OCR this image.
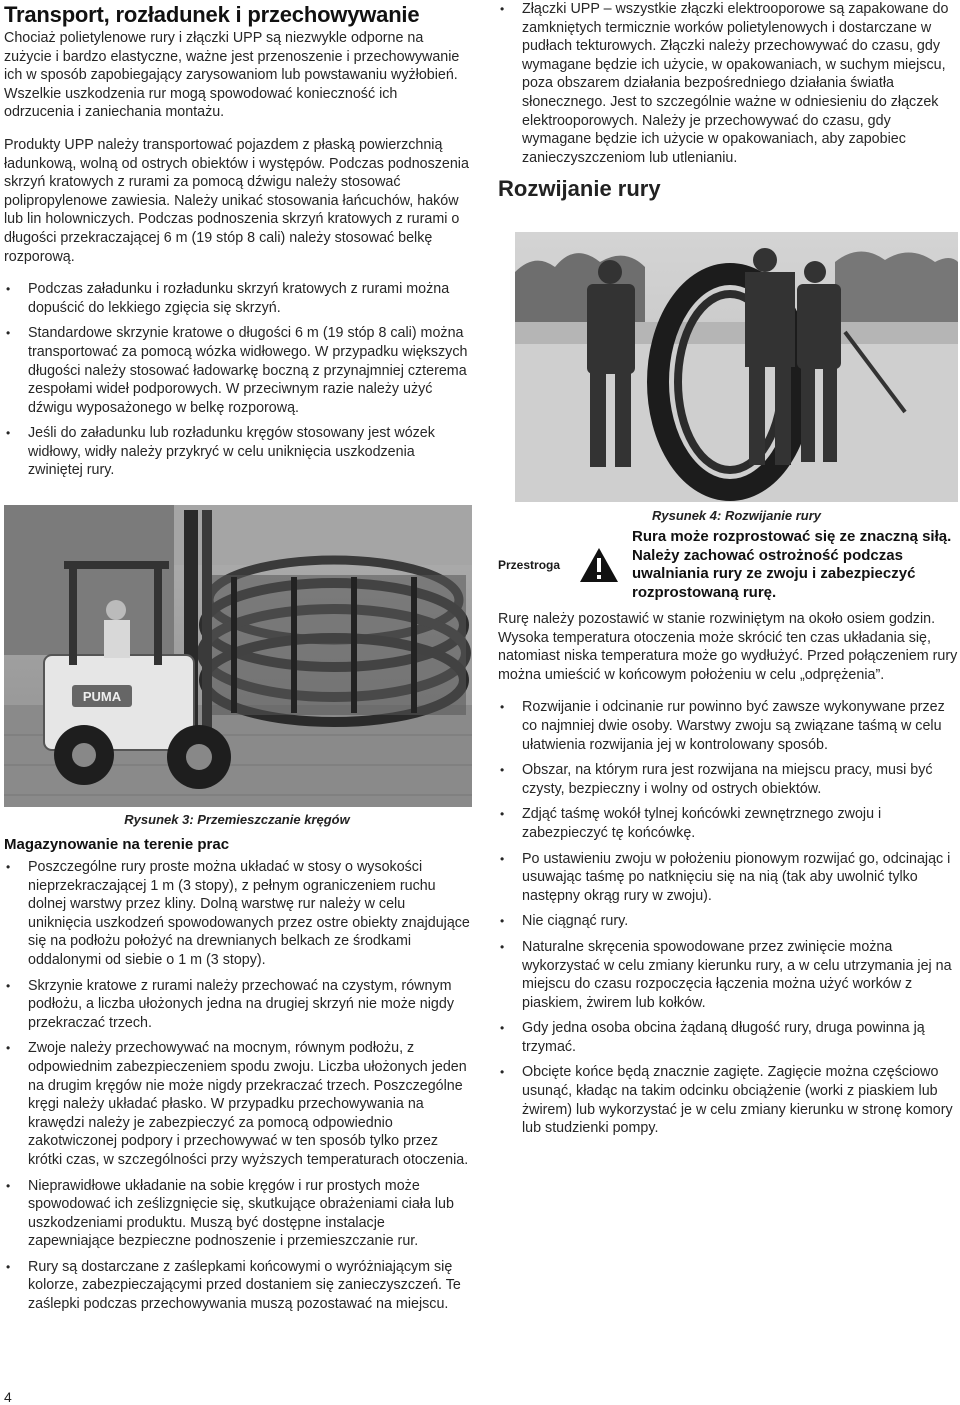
Transport, rozładunek i przechowywanie

Chociaż polietylenowe rury i złączki UPP są niezwykle odporne na zużycie i bardzo elastyczne, ważne jest przenoszenie i przechowywanie ich w sposób zapobiegający zarysowaniom lub powstawaniu wyżłobień. Wszelkie uszkodzenia rur mogą spowodować konieczność ich odrzucenia i zaniechania montażu.

Produkty UPP należy transportować pojazdem z płaską powierzchnią ładunkową, wolną od ostrych obiektów i występów. Podczas podnoszenia skrzyń kratowych z rurami za pomocą dźwigu należy stosować polipropylenowe zawiesia. Należy unikać stosowania łańcuchów, haków lub lin holowniczych. Podczas podnoszenia skrzyń kratowych z rurami o długości przekraczającej 6 m (19 stóp 8 cali) należy stosować belkę rozporową.

• Podczas załadunku i rozładunku skrzyń kratowych z rurami można dopuścić do lekkiego zgięcia się skrzyń.
• Standardowe skrzynie kratowe o długości 6 m (19 stóp 8 cali) można transportować za pomocą wózka widłowego. W przypadku większych długości należy stosować ładowarkę boczną z przynajmniej czterema zespołami wideł podporowych. W przeciwnym razie należy użyć dźwigu wyposażonego w belkę rozporową.
• Jeśli do załadunku lub rozładunku kręgów stosowany jest wózek widłowy, widły należy przykryć w celu uniknięcia uszkodzenia zwiniętej rury.
PUMA
Rysunek 3: Przemieszczanie kręgów
Magazynowanie na terenie prac
• Poszczególne rury proste można układać w stosy o wysokości nieprzekraczającej 1 m (3 stopy), z pełnym ograniczeniem ruchu dolnej warstwy przez kliny. Dolną warstwę rur należy w celu uniknięcia uszkodzeń spowodowanych przez ostre obiekty znajdujące się na podłożu położyć na drewnianych belkach ze środkami oddalonymi od siebie o 1 m (3 stopy).
• Skrzynie kratowe z rurami należy przechować na czystym, równym podłożu, a liczba ułożonych jedna na drugiej skrzyń nie może nigdy przekraczać trzech.
• Zwoje należy przechowywać na mocnym, równym podłożu, z odpowiednim zabezpieczeniem spodu zwoju. Liczba ułożonych jeden na drugim kręgów nie może nigdy przekraczać trzech. Poszczególne kręgi należy układać płasko. W przypadku przechowywania na krawędzi należy je zabezpieczyć za pomocą odpowiednio zakotwiczonej podpory i przechowywać w ten sposób tylko przez krótki czas, w szczególności przy wyższych temperaturach otoczenia.
• Nieprawidłowe układanie na sobie kręgów i rur prostych może spowodować ich ześlizgnięcie się, skutkujące obrażeniami ciała lub uszkodzeniami produktu. Muszą być dostępne instalacje zapewniające bezpieczne podnoszenie i przemieszczanie rur.
• Rury są dostarczane z zaślepkami końcowymi o wyróżniającym się kolorze, zabezpieczającymi przed dostaniem się zanieczyszczeń. Te zaślepki podczas przechowywania muszą pozostawać na miejscu.
4
• Złączki UPP – wszystkie złączki elektrooporowe są zapakowane do zamkniętych termicznie worków polietylenowych i dostarczane w pudłach tekturowych. Złączki należy przechowywać do czasu, gdy wymagane będzie ich użycie, w opakowaniach, w suchym miejscu, poza obszarem działania bezpośredniego działania światła słonecznego. Jest to szczególnie ważne w odniesieniu do złączek elektrooporowych. Należy je przechowywać do czasu, gdy wymagane będzie ich użycie w opakowaniach, aby zapobiec zanieczyszczeniom lub utlenianiu.
Rozwijanie rury
Rysunek 4: Rozwijanie rury
Przestroga
Rura może rozprostować się ze znaczną siłą. Należy zachować ostrożność podczas uwalniania rury ze zwoju i zabezpieczyć rozprostowaną rurę.

Rurę należy pozostawić w stanie rozwiniętym na około osiem godzin. Wysoka temperatura otoczenia może skrócić ten czas układania się, natomiast niska temperatura może go wydłużyć. Przed połączeniem rury można umieścić w końcowym położeniu w celu „odprężenia”.

• Rozwijanie i odcinanie rur powinno być zawsze wykonywane przez co najmniej dwie osoby. Warstwy zwoju są związane taśmą w celu ułatwienia rozwijania jej w kontrolowany sposób.
• Obszar, na którym rura jest rozwijana na miejscu pracy, musi być czysty, bezpieczny i wolny od ostrych obiektów.
• Zdjąć taśmę wokół tylnej końcówki zewnętrznego zwoju i zabezpieczyć tę końcówkę.
• Po ustawieniu zwoju w położeniu pionowym rozwijać go, odcinając i usuwając taśmę po natknięciu się na nią (tak aby uwolnić tylko następny okrąg rury w zwoju).
• Nie ciągnąć rury.
• Naturalne skręcenia spowodowane przez zwinięcie można wykorzystać w celu zmiany kierunku rury, a w celu utrzymania jej na miejscu do czasu rozpoczęcia łączenia można użyć worków z piaskiem, żwirem lub kołków.
• Gdy jedna osoba obcina żądaną długość rury, druga powinna ją trzymać.
• Obcięte końce będą znacznie zagięte. Zagięcie można częściowo usunąć, kładąc na takim odcinku obciążenie (worki z piaskiem lub żwirem) lub wykorzystać je w celu zmiany kierunku w stronę komory lub studzienki pompy.
